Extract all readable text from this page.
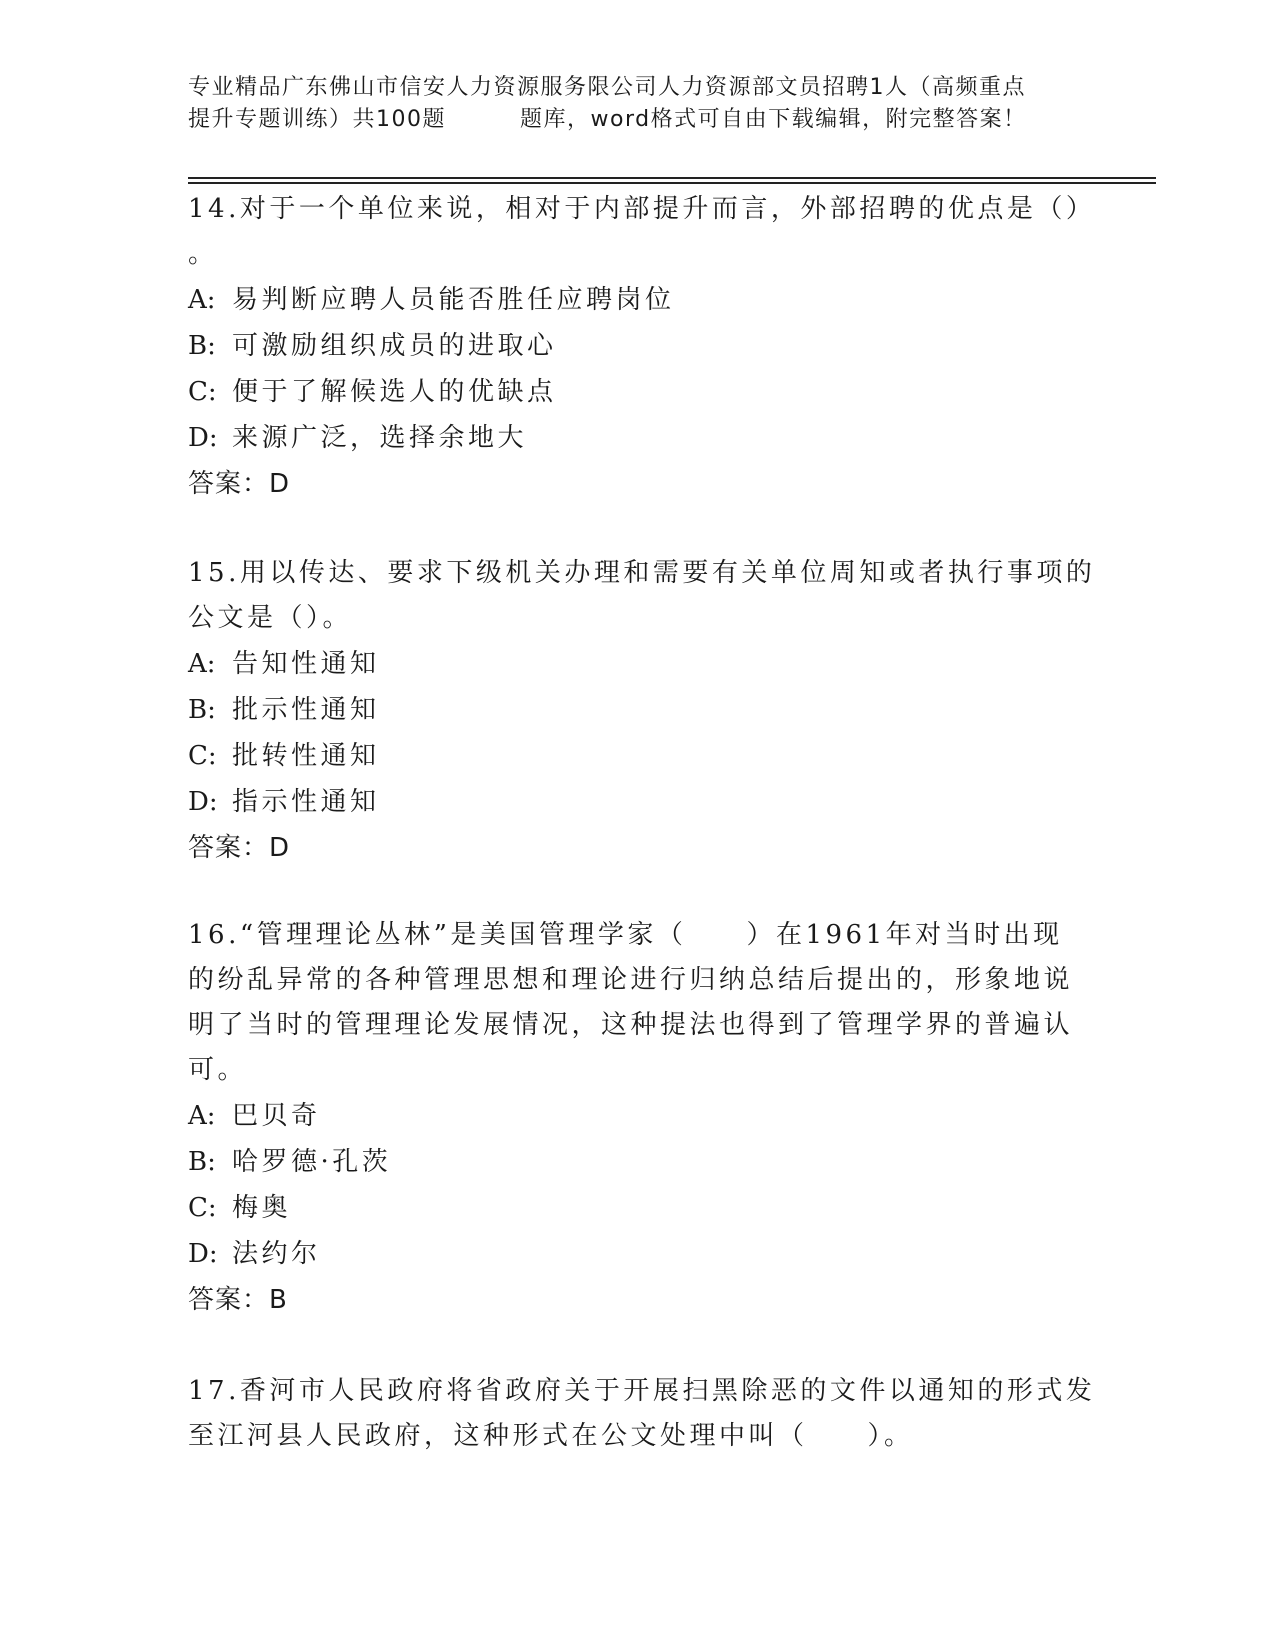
专业精品广东佛山市信安人力资源服务限公司人力资源部文员招聘1人（高频重点
提升专题训练）共100题	题库，word格式可自由下载编辑，附完整答案！
14.对于一个单位来说，相对于内部提升而言，外部招聘的优点是（）
。
A: 易判断应聘人员能否胜任应聘岗位
B: 可激励组织成员的进取心
C: 便于了解候选人的优缺点
D: 来源广泛，选择余地大
答案：D
15.用以传达、要求下级机关办理和需要有关单位周知或者执行事项的
公文是（）。
A: 告知性通知
B: 批示性通知
C: 批转性通知
D: 指示性通知
答案：D
16.“管理理论丛林”是美国管理学家（ ）在1961年对当时出现
的纷乱异常的各种管理思想和理论进行归纳总结后提出的，形象地说
明了当时的管理理论发展情况，这种提法也得到了管理学界的普遍认
可。
A: 巴贝奇
B: 哈罗德·孔茨
C: 梅奥
D: 法约尔
答案：B
17.香河市人民政府将省政府关于开展扫黑除恶的文件以通知的形式发
至江河县人民政府，这种形式在公文处理中叫（ ）。
